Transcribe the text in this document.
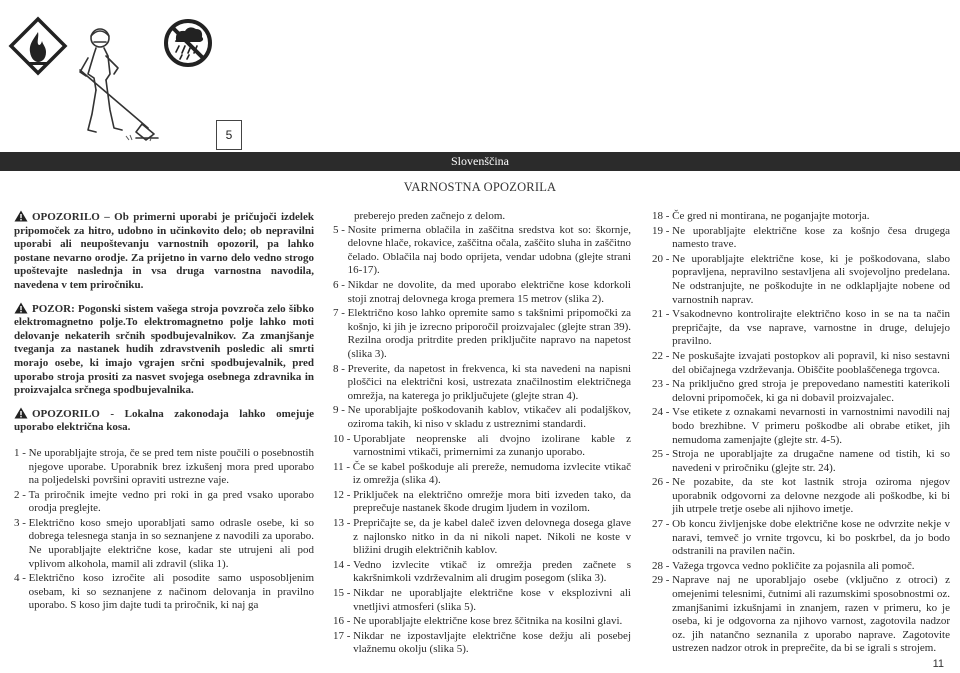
5
Slovenščina
VARNOSTNA OPOZORILA
OPOZORILO – Ob primerni uporabi je pričujoči izdelek pripomoček za hitro, udobno in učinkovito delo; ob nepravilni uporabi ali neupoštevanju varnostnih opozoril, pa lahko postane nevarno orodje. Za prijetno in varno delo vedno strogo upoštevajte naslednja in vsa druga varnostna navodila, navedena v tem priročniku.
POZOR: Pogonski sistem vašega stroja povzroča zelo šibko elektromagnetno polje.To elektromagnetno polje lahko moti delovanje nekaterih srčnih spodbujevalnikov. Za zmanjšanje tveganja za nastanek hudih zdravstvenih posledic ali smrti morajo osebe, ki imajo vgrajen srčni spodbujevalnik, pred uporabo stroja prositi za nasvet svojega osebnega zdravnika in proizvajalca srčnega spodbujevalnika.
OPOZORILO - Lokalna zakonodaja lahko omejuje uporabo električna kosa.
1 - Ne uporabljajte stroja, če se pred tem niste poučili o posebnostih njegove uporabe. Uporabnik brez izkušenj mora pred uporabo na poljedelski površini opraviti ustrezne vaje.
2 - Ta priročnik imejte vedno pri roki in ga pred vsako uporabo orodja preglejte.
3 - Električno koso smejo uporabljati samo odrasle osebe, ki so dobrega telesnega stanja in so seznanjene z navodili za uporabo. Ne uporabljajte električne kose, kadar ste utrujeni ali pod vplivom alkohola, mamil ali zdravil (slika 1).
4 - Električno koso izročite ali posodite samo usposobljenim osebam, ki so seznanjene z načinom delovanja in pravilno uporabo. S koso jim dajte tudi ta priročnik, ki naj ga
preberejo preden začnejo z delom.
5 - Nosite primerna oblačila in zaščitna sredstva kot so: škornje, delovne hlače, rokavice, zaščitna očala, zaščito sluha in zaščitno čelado. Oblačila naj bodo oprijeta, vendar udobna (glejte strani 16-17).
6 - Nikdar ne dovolite, da med uporabo električne kose kdorkoli stoji znotraj delovnega kroga premera 15 metrov (slika 2).
7 - Električno koso lahko opremite samo s takšnimi pripomočki za košnjo, ki jih je izrecno priporočil proizvajalec (glejte stran 39). Rezilna orodja pritrdite preden priključite napravo na napetost (slika 3).
8 - Preverite, da napetost in frekvenca, ki sta navedeni na napisni ploščici na električni kosi, ustrezata značilnostim električnega omrežja, na katerega jo priključujete (glejte stran 4).
9 - Ne uporabljajte poškodovanih kablov, vtikačev ali podaljškov, oziroma takih, ki niso v skladu z ustreznimi standardi.
10 - Uporabljate neoprenske ali dvojno izolirane kable z varnostnimi vtikači, primernimi za zunanjo uporabo.
11 - Če se kabel poškoduje ali prereže, nemudoma izvlecite vtikač iz omrežja (slika 4).
12 - Priključek na električno omrežje mora biti izveden tako, da preprečuje nastanek škode drugim ljudem in vozilom.
13 - Prepričajte se, da je kabel daleč izven delovnega dosega glave z najlonsko nitko in da ni nikoli napet. Nikoli ne koste v bližini drugih električnih kablov.
14 - Vedno izvlecite vtikač iz omrežja preden začnete s kakršnimkoli vzdrževalnim ali drugim posegom (slika 3).
15 - Nikdar ne uporabljajte električne kose v eksplozivni ali vnetljivi atmosferi (slika 5).
16 - Ne uporabljajte električne kose brez ščitnika na kosilni glavi.
17 - Nikdar ne izpostavljajte električne kose dežju ali posebej vlažnemu okolju (slika 5).
18 - Če gred ni montirana, ne poganjajte motorja.
19 - Ne uporabljajte električne kose za košnjo česa drugega namesto trave.
20 - Ne uporabljajte električne kose, ki je poškodovana, slabo popravljena, nepravilno sestavljena ali svojevoljno predelana. Ne odstranjujte, ne poškodujte in ne odklapljajte nobene od varnostnih naprav.
21 - Vsakodnevno kontrolirajte električno koso in se na ta način prepričajte, da vse naprave, varnostne in druge, delujejo pravilno.
22 - Ne poskušajte izvajati postopkov ali popravil, ki niso sestavni del običajnega vzdrževanja. Obiščite pooblaščenega trgovca.
23 - Na priključno gred stroja je prepovedano namestiti katerikoli delovni pripomoček, ki ga ni dobavil proizvajalec.
24 - Vse etikete z oznakami nevarnosti in varnostnimi navodili naj bodo brezhibne. V primeru poškodbe ali obrabe etiket, jih nemudoma zamenjajte (glejte str. 4-5).
25 - Stroja ne uporabljajte za drugačne namene od tistih, ki so navedeni v priročniku (glejte str. 24).
26 - Ne pozabite, da ste kot lastnik stroja oziroma njegov uporabnik odgovorni za delovne nezgode ali poškodbe, ki bi jih utrpele tretje osebe ali njihovo imetje.
27 - Ob koncu življenjske dobe električne kose ne odvrzite nekje v naravi, temveč jo vrnite trgovcu, ki bo poskrbel, da jo bodo odstranili na pravilen način.
28 - Važega trgovca vedno pokličite za pojasnila ali pomoč.
29 - Naprave naj ne uporabljajo osebe (vključno z otroci) z omejenimi telesnimi, čutnimi ali razumskimi sposobnostmi oz. zmanjšanimi izkušnjami in znanjem, razen v primeru, ko je oseba, ki je odgovorna za njihovo varnost, zagotovila nadzor oz. jih natančno seznanila z uporabo naprave. Zagotovite ustrezen nadzor otrok in preprečite, da bi se igrali s strojem.
11
